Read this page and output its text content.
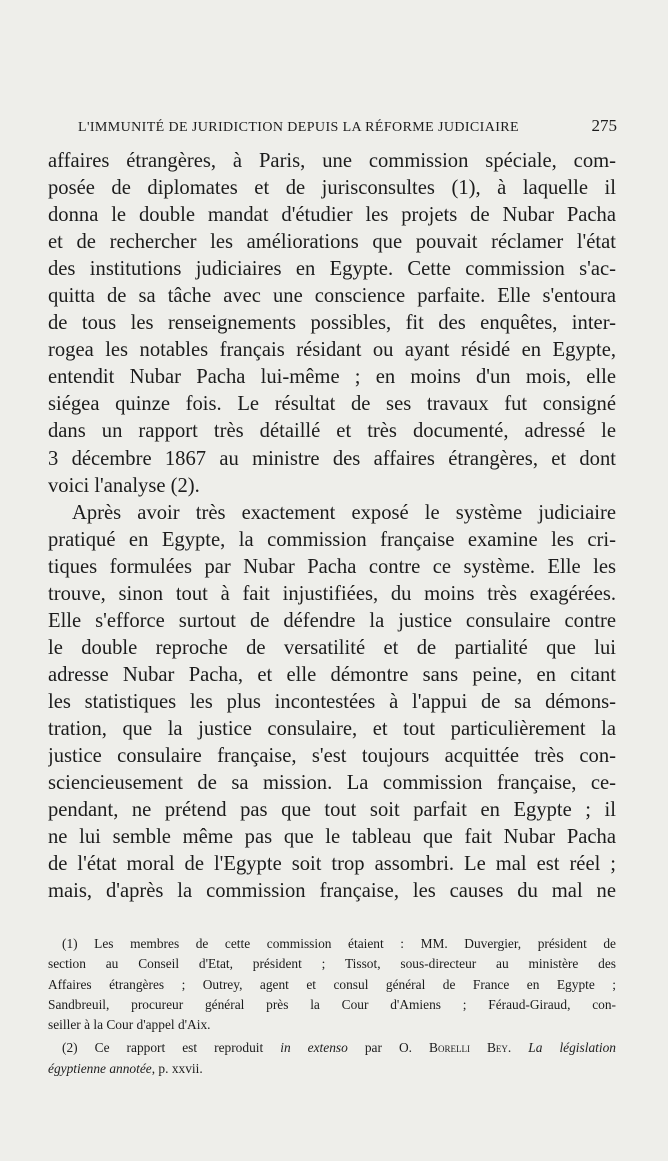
L'IMMUNITÉ DE JURIDICTION DEPUIS LA RÉFORME JUDICIAIRE	275
affaires étrangères, à Paris, une commission spéciale, com-
posée de diplomates et de jurisconsultes (1), à laquelle il
donna le double mandat d'étudier les projets de Nubar Pacha
et de rechercher les améliorations que pouvait réclamer l'état
des institutions judiciaires en Egypte. Cette commission s'ac-
quitta de sa tâche avec une conscience parfaite. Elle s'entoura
de tous les renseignements possibles, fit des enquêtes, inter-
rogea les notables français résidant ou ayant résidé en Egypte,
entendit Nubar Pacha lui-même ; en moins d'un mois, elle
siégea quinze fois. Le résultat de ses travaux fut consigné
dans un rapport très détaillé et très documenté, adressé le
3 décembre 1867 au ministre des affaires étrangères, et dont
voici l'analyse (2).
Après avoir très exactement exposé le système judiciaire
pratiqué en Egypte, la commission française examine les cri-
tiques formulées par Nubar Pacha contre ce système. Elle les
trouve, sinon tout à fait injustifiées, du moins très exagérées.
Elle s'efforce surtout de défendre la justice consulaire contre
le double reproche de versatilité et de partialité que lui
adresse Nubar Pacha, et elle démontre sans peine, en citant
les statistiques les plus incontestées à l'appui de sa démons-
tration, que la justice consulaire, et tout particulièrement la
justice consulaire française, s'est toujours acquittée très con-
sciencieusement de sa mission. La commission française, ce-
pendant, ne prétend pas que tout soit parfait en Egypte ; il
ne lui semble même pas que le tableau que fait Nubar Pacha
de l'état moral de l'Egypte soit trop assombri. Le mal est réel ;
mais, d'après la commission française, les causes du mal ne
(1) Les membres de cette commission étaient : MM. Duvergier, président de
section au Conseil d'Etat, président ; Tissot, sous-directeur au ministère des
Affaires étrangères ; Outrey, agent et consul général de France en Egypte ;
Sandbreuil, procureur général près la Cour d'Amiens ; Féraud-Giraud, con-
seiller à la Cour d'appel d'Aix.
(2) Ce rapport est reproduit in extenso par O. Borelli Bey. La législation
égyptienne annotée, p. xxvii.
